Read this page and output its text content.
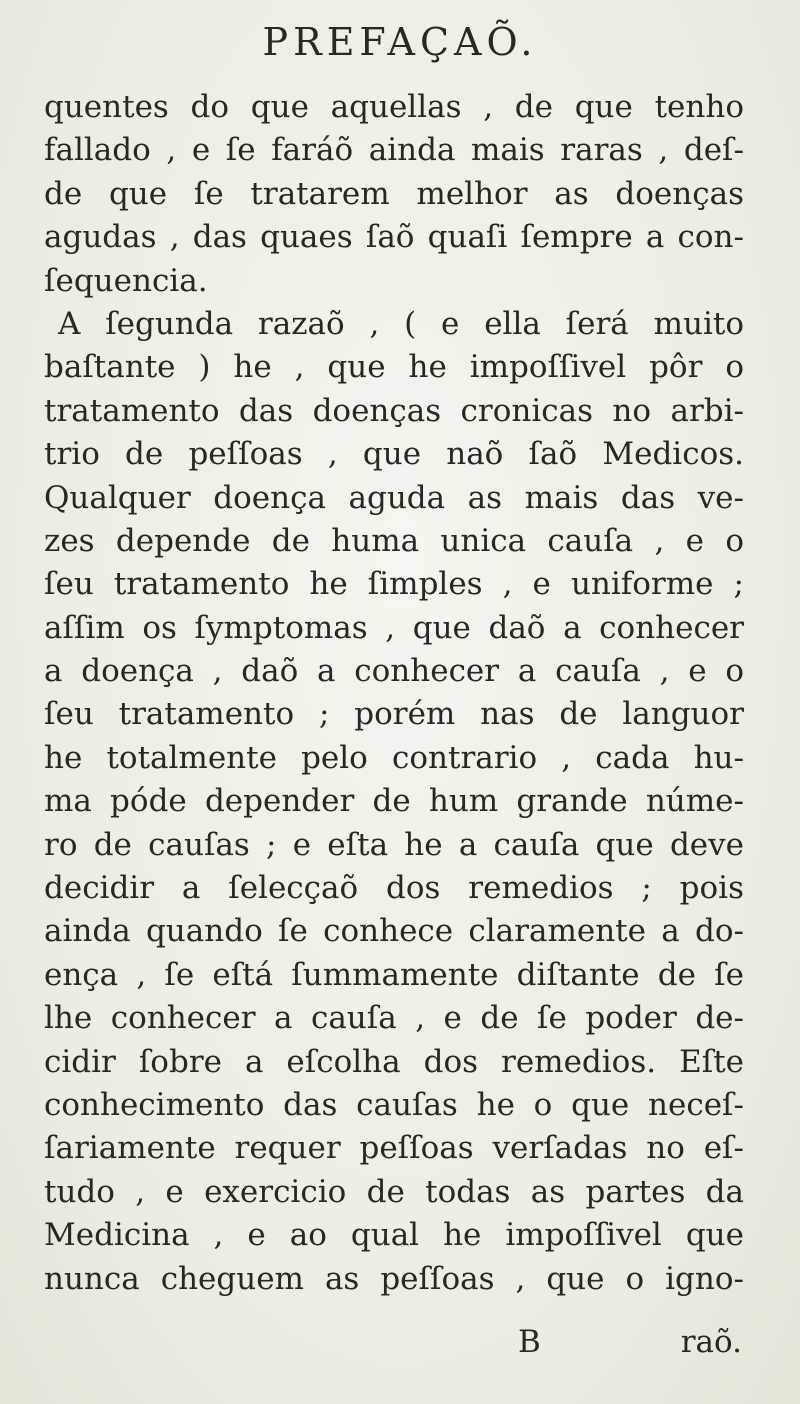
PREFAÇAÕ.
quentes do que aquellas , de que tenho
fallado , e ſe faráõ ainda mais raras , deſ-
de que ſe tratarem melhor as doenças
agudas , das quaes ſaõ quaſi ſempre a con-
ſequencia.
A ſegunda razaõ , ( e ella ſerá muito
baſtante ) he , que he impoſſivel pôr o
tratamento das doenças cronicas no arbi-
trio de peſſoas , que naõ ſaõ Medicos.
Qualquer doença aguda as mais das ve-
zes depende de huma unica cauſa , e o
ſeu tratamento he ſimples , e uniforme ;
aſſim os ſymptomas , que daõ a conhecer
a doença , daõ a conhecer a cauſa , e o
ſeu tratamento ; porém nas de languor
he totalmente pelo contrario , cada hu-
ma póde depender de hum grande núme-
ro de cauſas ; e eſta he a cauſa que deve
decidir a ſelecçaõ dos remedios ; pois
ainda quando ſe conhece claramente a do-
ença , ſe eſtá ſummamente diſtante de ſe
lhe conhecer a cauſa , e de ſe poder de-
cidir ſobre a eſcolha dos remedios. Eſte
conhecimento das cauſas he o que neceſ-
ſariamente requer peſſoas verſadas no eſ-
tudo , e exercicio de todas as partes da
Medicina , e ao qual he impoſſivel que
nunca cheguem as peſſoas , que o igno-
B	raõ.
